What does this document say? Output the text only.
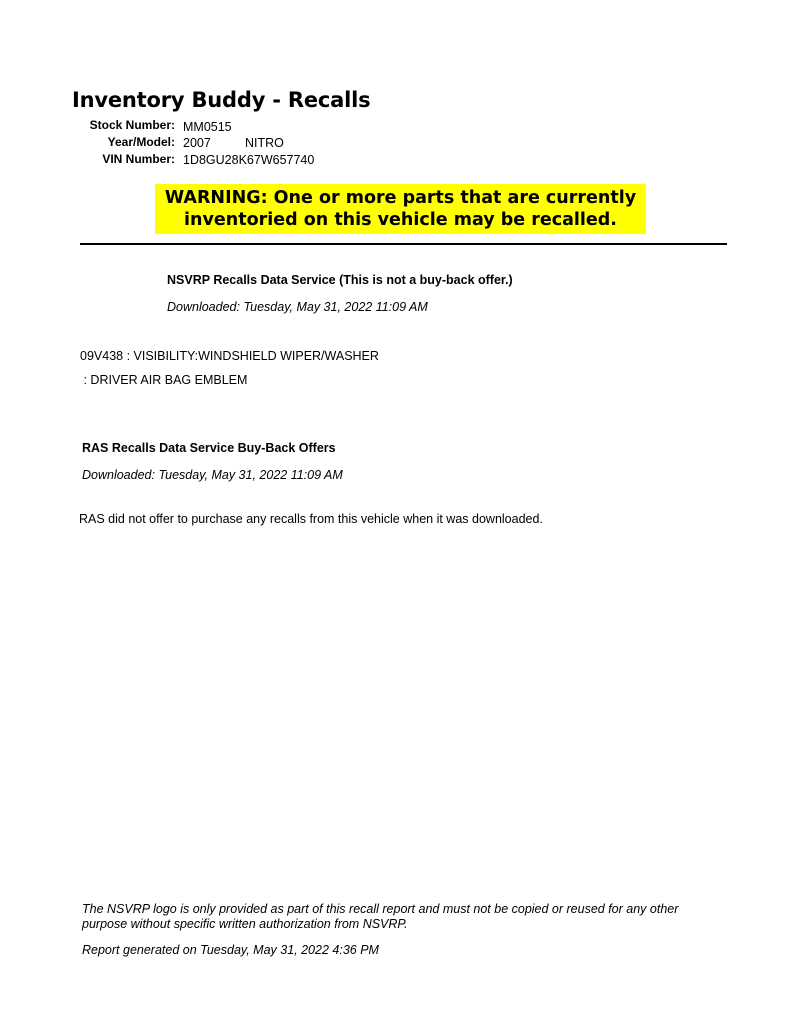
Inventory Buddy - Recalls
Stock Number: MM0515
Year/Model: 2007	NITRO
VIN Number: 1D8GU28K67W657740
WARNING: One or more parts that are currently
inventoried on this vehicle may be recalled.
NSVRP Recalls Data Service (This is not a buy-back offer.)
Downloaded: Tuesday, May 31, 2022 11:09 AM
09V438 : VISIBILITY:WINDSHIELD WIPER/WASHER
: DRIVER AIR BAG EMBLEM
RAS Recalls Data Service Buy-Back Offers
Downloaded: Tuesday, May 31, 2022 11:09 AM
RAS did not offer to purchase any recalls from this vehicle when it was downloaded.
The NSVRP logo is only provided as part of this recall report and must not be copied or reused for any other purpose without specific written authorization from NSVRP.
Report generated on Tuesday, May 31, 2022 4:36 PM
